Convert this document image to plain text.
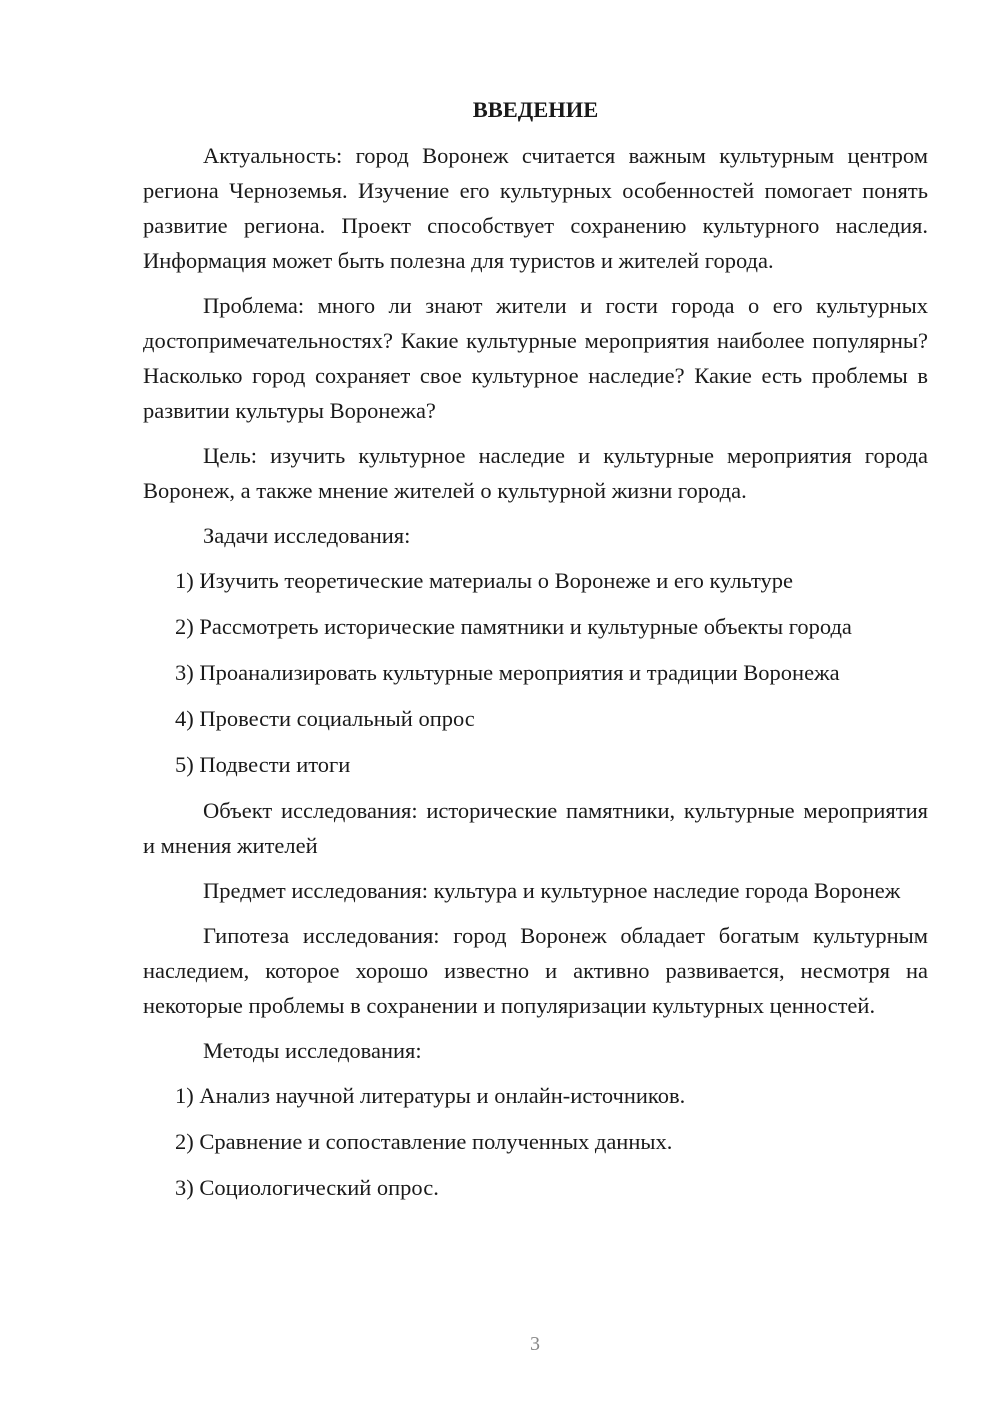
ВВЕДЕНИЕ

Актуальность: город Воронеж считается важным культурным центром региона Черноземья. Изучение его культурных особенностей помогает понять развитие региона. Проект способствует сохранению культурного наследия. Информация может быть полезна для туристов и жителей города.

Проблема: много ли знают жители и гости города о его культурных достопримечательностях? Какие культурные мероприятия наиболее популярны? Насколько город сохраняет свое культурное наследие? Какие есть проблемы в развитии культуры Воронежа?

Цель: изучить культурное наследие и культурные мероприятия города Воронеж, а также мнение жителей о культурной жизни города.

Задачи исследования:

1) Изучить теоретические материалы о Воронеже и его культуре
2) Рассмотреть исторические памятники и культурные объекты города
3) Проанализировать культурные мероприятия и традиции Воронежа
4) Провести социальный опрос
5) Подвести итоги

Объект исследования: исторические памятники, культурные мероприятия и мнения жителей

Предмет исследования: культура и культурное наследие города Воронеж

Гипотеза исследования: город Воронеж обладает богатым культурным наследием, которое хорошо известно и активно развивается, несмотря на некоторые проблемы в сохранении и популяризации культурных ценностей.

Методы исследования:

1) Анализ научной литературы и онлайн-источников.
2) Сравнение и сопоставление полученных данных.
3) Социологический опрос.
3
